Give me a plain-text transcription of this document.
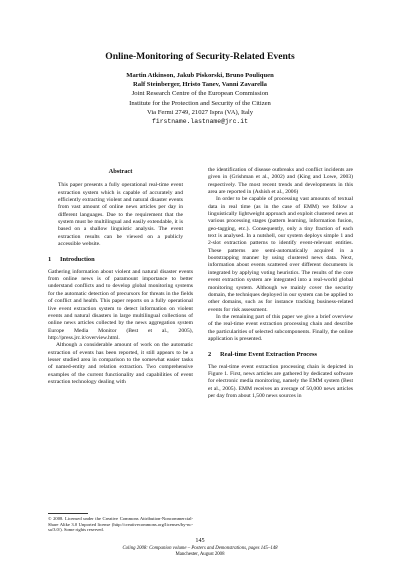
Online-Monitoring of Security-Related Events
Martin Atkinson, Jakub Piskorski, Bruno Pouliquen
Ralf Steinberger, Hristo Tanev, Vanni Zavarella
Joint Research Centre of the European Commission
Institute for the Protection and Security of the Citizen
Via Fermi 2749, 21027 Ispra (VA), Italy
firstname.lastname@jrc.it
Abstract

This paper presents a fully operational real-time event extraction system which is capable of accurately and efficiently extracting violent and natural disaster events from vast amount of online news articles per day in different languages. Due to the requirement that the system must be multilingual and easily extendable, it is based on a shallow linguistic analysis. The event extraction results can be viewed on a publicly accessible website.

1	Introduction

Gathering information about violent and natural disaster events from online news is of paramount importance to better understand conflicts and to develop global monitoring systems for the automatic detection of precursors for threats in the fields of conflict and health. This paper reports on a fully operational live event extraction system to detect information on violent events and natural disasters in large multilingual collections of online news articles collected by the news aggregation system Europe Media Monitor (Best et al., 2005), http://press.jrc.it/overview.html.

Although a considerable amount of work on the automatic extraction of events has been reported, it still appears to be a lesser studied area in comparison to the somewhat easier tasks of named-entity and relation extraction. Two comprehensive examples of the current functionality and capabilities of event extraction technology dealing with

the identification of disease outbreaks and conflict incidents are given in (Grishman et al., 2002) and (King and Lowe, 2003) respectively. The most recent trends and developments in this area are reported in (Ashish et al., 2006)

In order to be capable of processing vast amounts of textual data in real time (as in the case of EMM) we follow a linguistically lightweight approach and exploit clustered news at various processing stages (pattern learning, information fusion, geo-tagging, etc.). Consequently, only a tiny fraction of each text is analysed. In a nutshell, our system deploys simple 1 and 2-slot extraction patterns to identify event-relevant entities. These patterns are semi-automatically acquired in a bootstrapping manner by using clustered news data. Next, information about events scattered over different documents is integrated by applying voting heuristics. The results of the core event extraction system are integrated into a real-world global monitoring system. Although we mainly cover the security domain, the techniques deployed in our system can be applied to other domains, such as for instance tracking business-related events for risk assessment.

In the remaining part of this paper we give a brief overview of the real-time event extraction processing chain and describe the particularities of selected subcomponents. Finally, the online application is presented.

2	Real-time Event Extraction Process

The real-time event extraction processing chain is depicted in Figure 1. First, news articles are gathered by dedicated software for electronic media monitoring, namely the EMM system (Best et al., 2005). EMM receives an average of 50,000 news articles per day from about 1,500 news sources in

© 2008. Licensed under the Creative Commons Attribution-Noncommercial-Share Alike 3.0 Unported license (http://creativecommons.org/licenses/by-nc-sa/3.0/). Some rights reserved.
145
Coling 2008: Companion volume – Posters and Demonstrations, pages 145–148
Manchester, August 2008
